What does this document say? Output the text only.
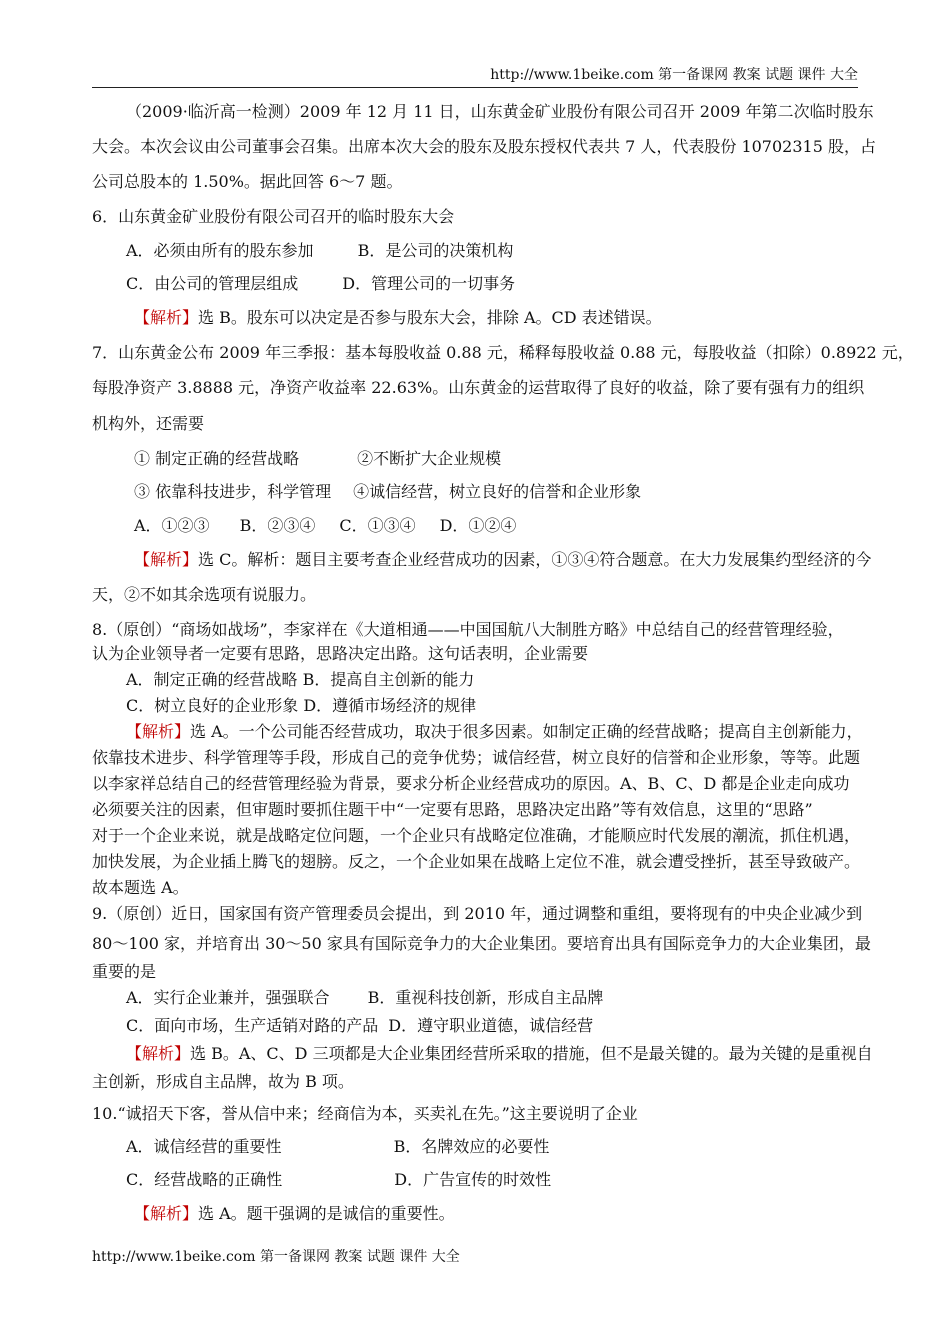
http://www.1beike.com 第一备课网 教案 试题 课件 大全
（2009·临沂高一检测）2009 年 12 月 11 日，山东黄金矿业股份有限公司召开 2009 年第二次临时股东
大会。本次会议由公司董事会召集。出席本次大会的股东及股东授权代表共 7 人，代表股份 10702315 股，占
公司总股本的 1.50%。据此回答 6～7 题。
6．山东黄金矿业股份有限公司召开的临时股东大会
A．必须由所有的股东参加	B．是公司的决策机构
C．由公司的管理层组成	D．管理公司的一切事务
【解析】选 B。股东可以决定是否参与股东大会，排除 A。CD 表述错误。
7．山东黄金公布 2009 年三季报：基本每股收益 0.88 元，稀释每股收益 0.88 元，每股收益（扣除）0.8922 元，
每股净资产 3.8888 元，净资产收益率 22.63%。山东黄金的运营取得了良好的收益，除了要有强有力的组织
机构外，还需要
① 制定正确的经营战略	②不断扩大企业规模
③ 依靠科技进步，科学管理 ④诚信经营，树立良好的信誉和企业形象
A．①②③ B．②③④ C．①③④ D．①②④
【解析】选 C。解析：题目主要考查企业经营成功的因素，①③④符合题意。在大力发展集约型经济的今
天，②不如其余选项有说服力。
8.（原创）“商场如战场”，李家祥在《大道相通——中国国航八大制胜方略》中总结自己的经营管理经验，
认为企业领导者一定要有思路，思路决定出路。这句话表明，企业需要
A．制定正确的经营战略 B．提高自主创新的能力
C．树立良好的企业形象 D．遵循市场经济的规律
【解析】选 A。一个公司能否经营成功，取决于很多因素。如制定正确的经营战略；提高自主创新能力，
依靠技术进步、科学管理等手段，形成自己的竞争优势；诚信经营，树立良好的信誉和企业形象，等等。此题
以李家祥总结自己的经营管理经验为背景，要求分析企业经营成功的原因。A、B、C、D 都是企业走向成功
必须要关注的因素，但审题时要抓住题干中“一定要有思路，思路决定出路”等有效信息，这里的“思路”
对于一个企业来说，就是战略定位问题，一个企业只有战略定位准确，才能顺应时代发展的潮流，抓住机遇，
加快发展，为企业插上腾飞的翅膀。反之，一个企业如果在战略上定位不准，就会遭受挫折，甚至导致破产。
故本题选 A。
9.（原创）近日，国家国有资产管理委员会提出，到 2010 年，通过调整和重组，要将现有的中央企业减少到
80～100 家，并培育出 30～50 家具有国际竞争力的大企业集团。要培育出具有国际竞争力的大企业集团，最
重要的是
A．实行企业兼并，强强联合 B．重视科技创新，形成自主品牌
C．面向市场，生产适销对路的产品 D．遵守职业道德，诚信经营
【解析】选 B。A、C、D 三项都是大企业集团经营所采取的措施，但不是最关键的。最为关键的是重视自
主创新，形成自主品牌，故为 B 项。
10.“诚招天下客，誉从信中来；经商信为本，买卖礼在先。”这主要说明了企业
A．诚信经营的重要性	B．名牌效应的必要性
C．经营战略的正确性	D．广告宣传的时效性
【解析】选 A。题干强调的是诚信的重要性。
http://www.1beike.com 第一备课网 教案 试题 课件 大全
